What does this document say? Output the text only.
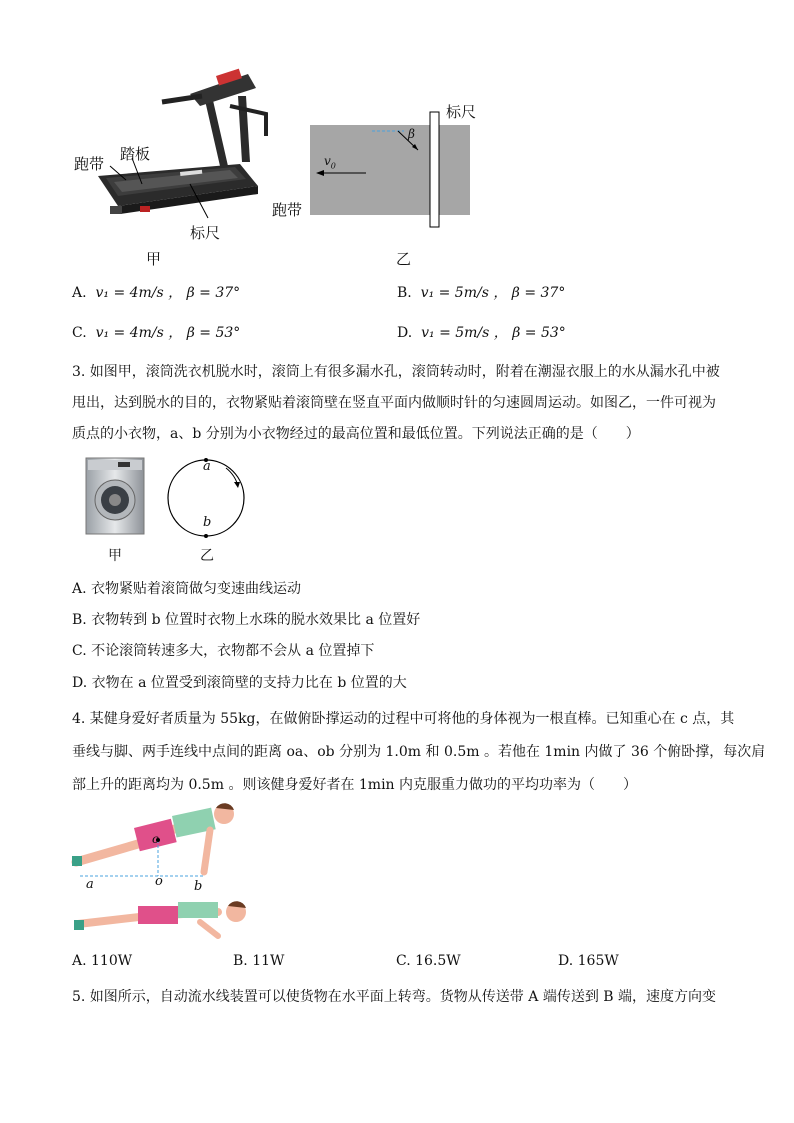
跑带
踏板
标尺
甲
标尺
跑带
$v_0$
β
乙
A. v₁ = 4m/s ， β = 37°	B. v₁ = 5m/s ， β = 37°
C. v₁ = 4m/s ， β = 53°	D. v₁ = 5m/s ， β = 53°
3. 如图甲，滚筒洗衣机脱水时，滚筒上有很多漏水孔，滚筒转动时，附着在潮湿衣服上的水从漏水孔中被
甩出，达到脱水的目的，衣物紧贴着滚筒壁在竖直平面内做顺时针的匀速圆周运动。如图乙，一件可视为
质点的小衣物，a、b 分别为小衣物经过的最高位置和最低位置。下列说法正确的是（　　）
a
b
甲	乙
A. 衣物紧贴着滚筒做匀变速曲线运动
B. 衣物转到 b 位置时衣物上水珠的脱水效果比 a 位置好
C. 不论滚筒转速多大，衣物都不会从 a 位置掉下
D. 衣物在 a 位置受到滚筒壁的支持力比在 b 位置的大
4. 某健身爱好者质量为 55kg，在做俯卧撑运动的过程中可将他的身体视为一根直棒。已知重心在 c 点，其
垂线与脚、两手连线中点间的距离 oa、ob 分别为 1.0m 和 0.5m 。若他在 1min 内做了 36 个俯卧撑，每次肩
部上升的距离均为 0.5m 。则该健身爱好者在 1min 内克服重力做功的平均功率为（　　）
a	o b
c
A. 110W	B. 11W	C. 16.5W	D. 165W
5. 如图所示，自动流水线装置可以使货物在水平面上转弯。货物从传送带 A 端传送到 B 端，速度方向变
